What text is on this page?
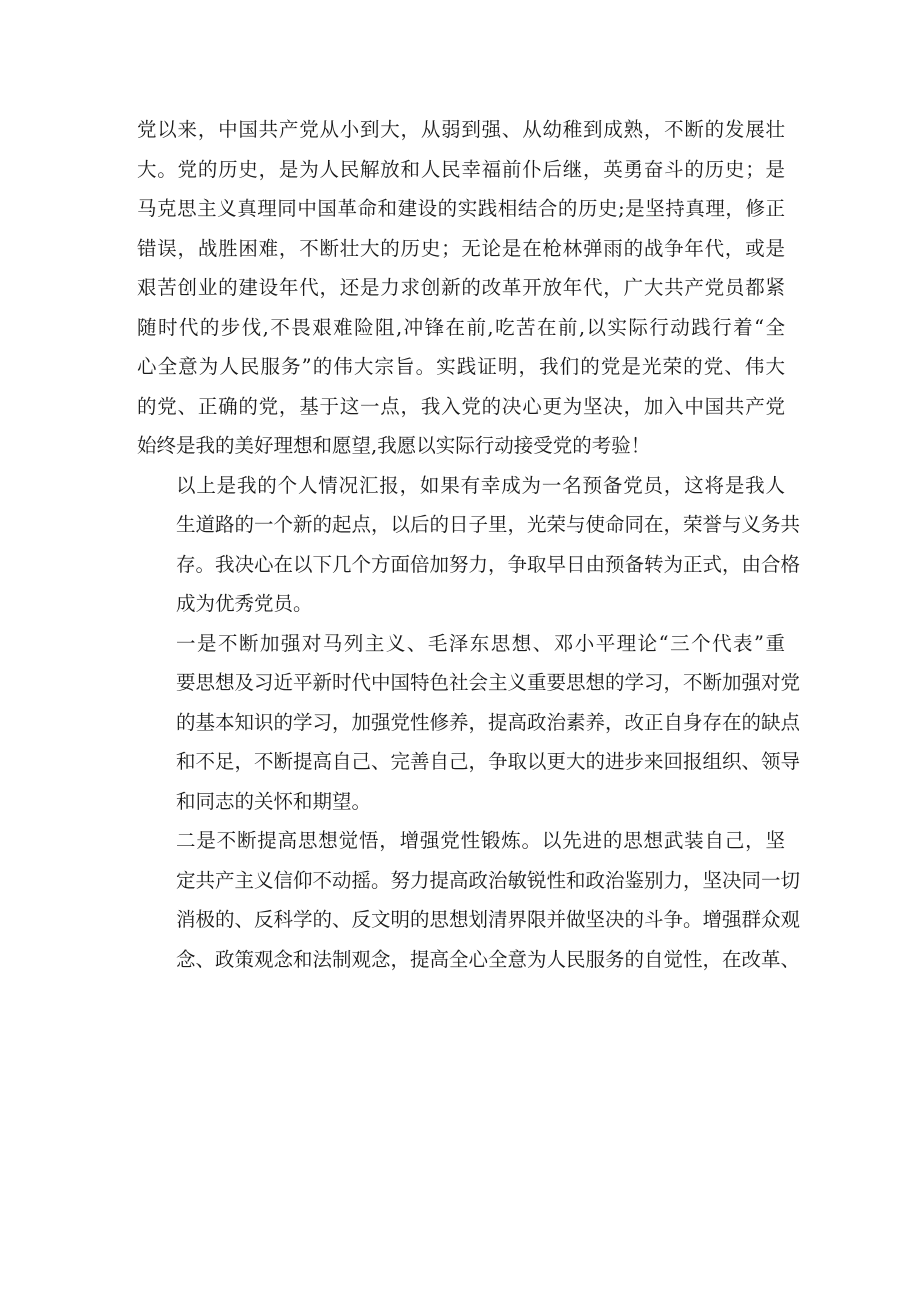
党以来，中国共产党从小到大，从弱到强、从幼稚到成熟，不断的发展壮
大。党的历史，是为人民解放和人民幸福前仆后继，英勇奋斗的历史；是
马克思主义真理同中国革命和建设的实践相结合的历史;是坚持真理，修正
错误，战胜困难，不断壮大的历史；无论是在枪林弹雨的战争年代，或是
艰苦创业的建设年代，还是力求创新的改革开放年代，广大共产党员都紧
随时代的步伐,不畏艰难险阻,冲锋在前,吃苦在前,以实际行动践行着“全
心全意为人民服务”的伟大宗旨。实践证明，我们的党是光荣的党、伟大
的党、正确的党，基于这一点，我入党的决心更为坚决，加入中国共产党
始终是我的美好理想和愿望,我愿以实际行动接受党的考验！
以上是我的个人情况汇报，如果有幸成为一名预备党员，这将是我人
生道路的一个新的起点，以后的日子里，光荣与使命同在，荣誉与义务共
存。我决心在以下几个方面倍加努力，争取早日由预备转为正式，由合格
成为优秀党员。
一是不断加强对马列主义、毛泽东思想、邓小平理论“三个代表”重
要思想及习近平新时代中国特色社会主义重要思想的学习，不断加强对党
的基本知识的学习，加强党性修养，提高政治素养，改正自身存在的缺点
和不足，不断提高自己、完善自己，争取以更大的进步来回报组织、领导
和同志的关怀和期望。
二是不断提高思想觉悟，增强党性锻炼。以先进的思想武装自己，坚
定共产主义信仰不动摇。努力提高政治敏锐性和政治鉴别力，坚决同一切
消极的、反科学的、反文明的思想划清界限并做坚决的斗争。增强群众观
念、政策观念和法制观念，提高全心全意为人民服务的自觉性，在改革、
